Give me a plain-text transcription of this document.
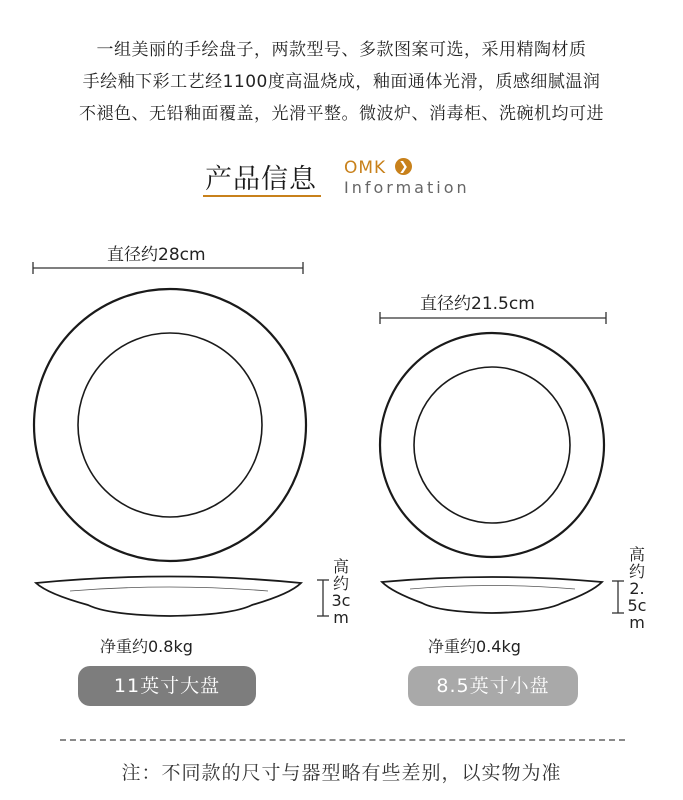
一组美丽的手绘盘子，两款型号、多款图案可选，采用精陶材质
手绘釉下彩工艺经1100度高温烧成，釉面通体光滑，质感细腻温润
不褪色、无铅釉面覆盖，光滑平整。微波炉、消毒柜、洗碗机均可进
产品信息 OMK ❯
Information
直径约28cm
高约3cm
净重约0.8kg
11英寸大盘
直径约21.5cm
高约2.5cm
净重约0.4kg
8.5英寸小盘
注：不同款的尺寸与器型略有些差别，以实物为准
